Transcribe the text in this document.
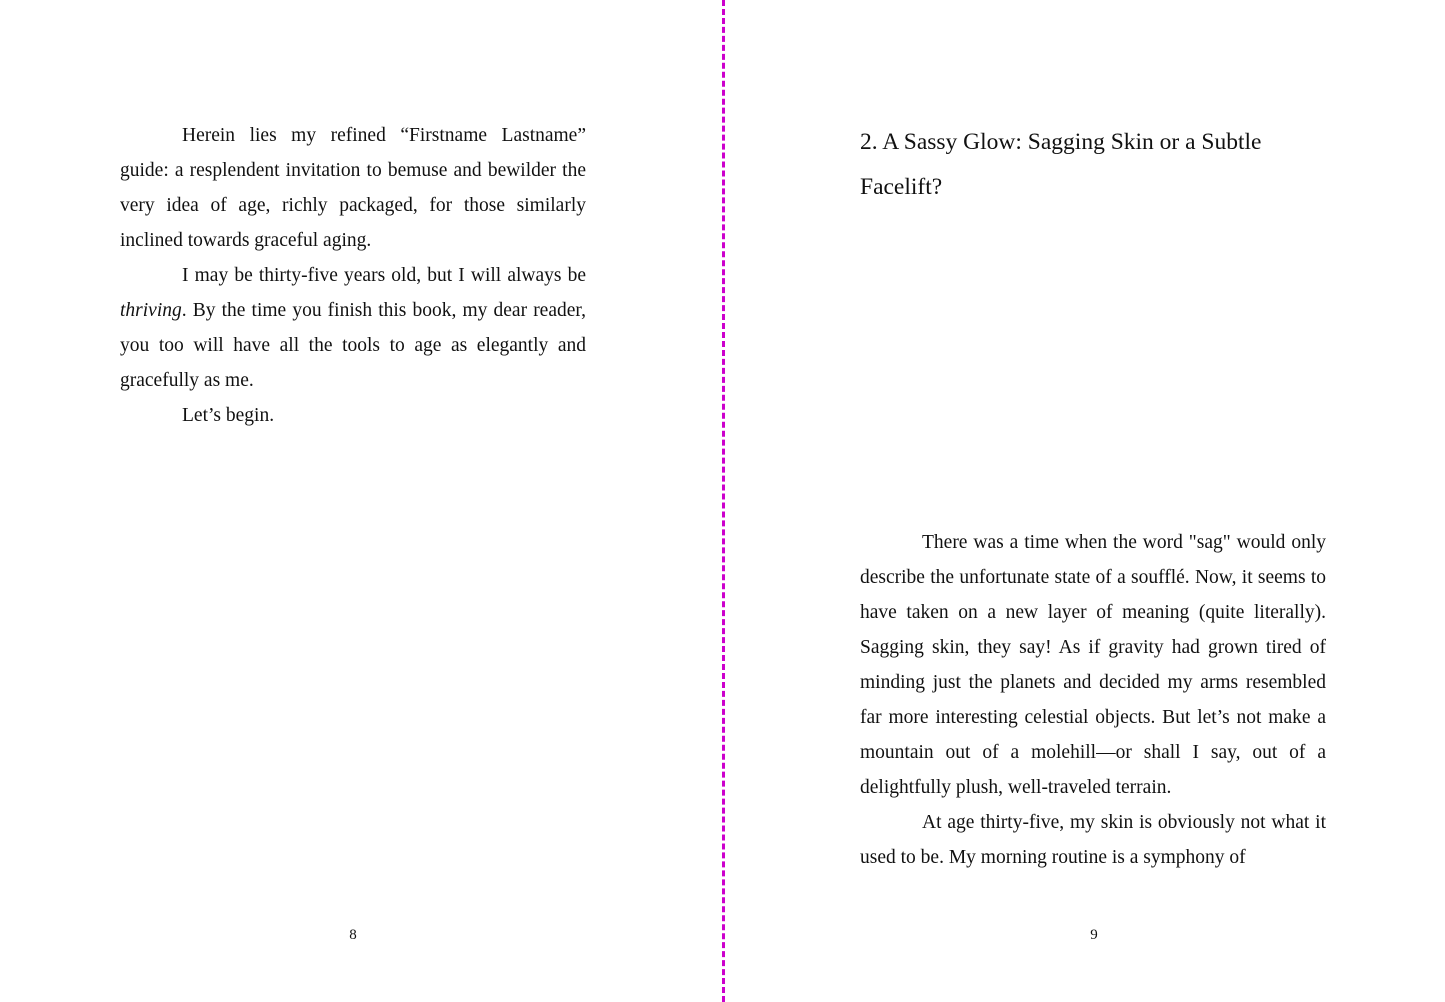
Herein lies my refined “Firstname Lastname” guide: a resplendent invitation to bemuse and bewilder the very idea of age, richly packaged, for those similarly inclined towards graceful aging.

I may be thirty-five years old, but I will always be thriving. By the time you finish this book, my dear reader, you too will have all the tools to age as elegantly and gracefully as me.

Let’s begin.

8
2. A Sassy Glow: Sagging Skin or a Subtle Facelift?

There was a time when the word "sag" would only describe the unfortunate state of a soufflé. Now, it seems to have taken on a new layer of meaning (quite literally). Sagging skin, they say! As if gravity had grown tired of minding just the planets and decided my arms resembled far more interesting celestial objects. But let’s not make a mountain out of a molehill—or shall I say, out of a delightfully plush, well-traveled terrain.

At age thirty-five, my skin is obviously not what it used to be. My morning routine is a symphony of

9
